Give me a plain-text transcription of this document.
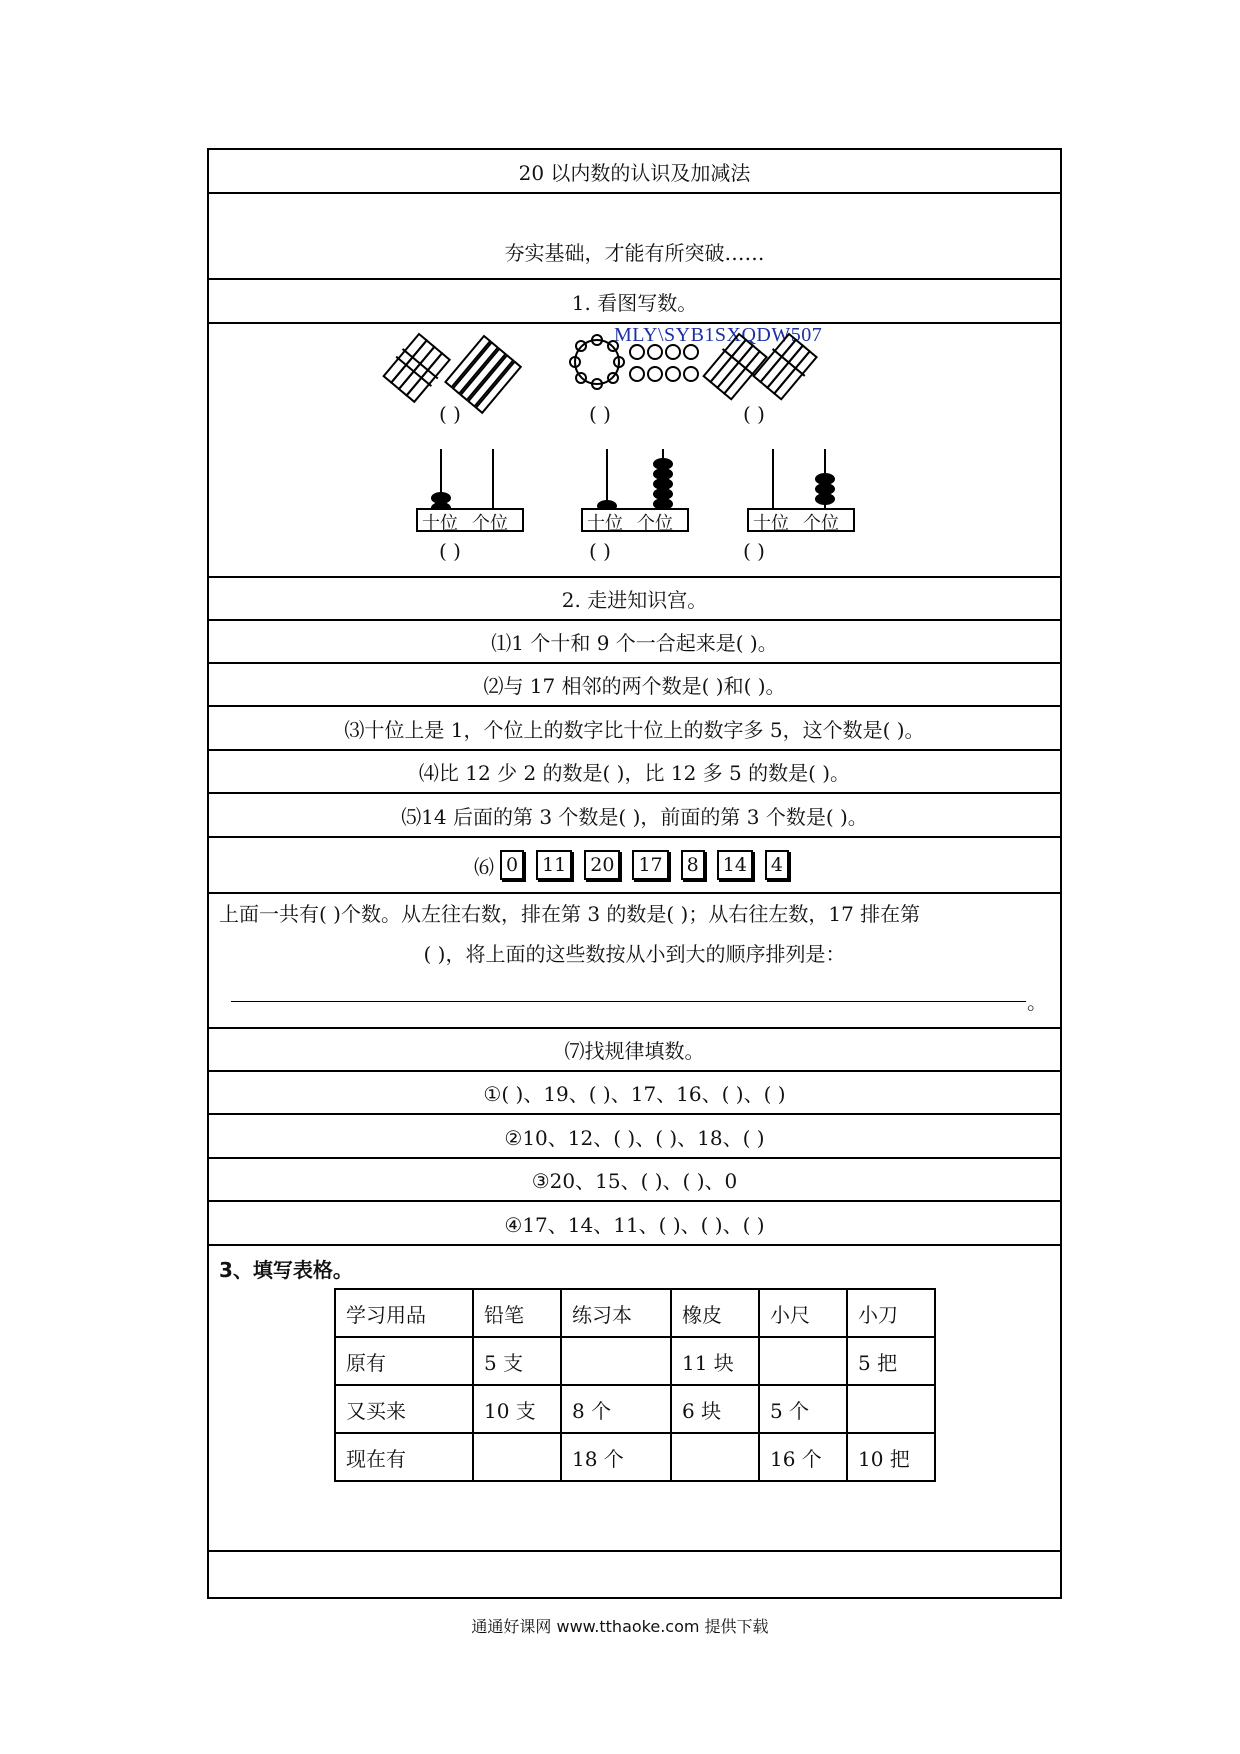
20 以内数的认识及加减法
夯实基础，才能有所突破……
1. 看图写数。
MLY\SYB1SXQDW507
( )	( )	( )
十位 个位	十位 个位	十位 个位
( )	( )	( )
2. 走进知识宫。
⑴1 个十和 9 个一合起来是( )。
⑵与 17 相邻的两个数是( )和( )。
⑶十位上是 1，个位上的数字比十位上的数字多 5，这个数是( )。
⑷比 12 少 2 的数是( )，比 12 多 5 的数是( )。
⑸14 后面的第 3 个数是( )，前面的第 3 个数是( )。
⑹ 0	11	20	17	8	14	4
上面一共有( )个数。从左往右数，排在第 3 的数是( )；从右往左数，17 排在第
( )，将上面的这些数按从小到大的顺序排列是：
。
⑺找规律填数。
①( )、19、( )、17、16、( )、( )
②10、12、( )、( )、18、( )
③20、15、( )、( )、0
④17、14、11、( )、( )、( )
3、填写表格。
学习用品	铅笔	练习本	橡皮	小尺	小刀
原有	5 支		11 块		5 把
又买来	10 支	8 个	6 块	5 个	
现在有		18 个		16 个	10 把
通通好课网 www.tthaoke.com 提供下载
